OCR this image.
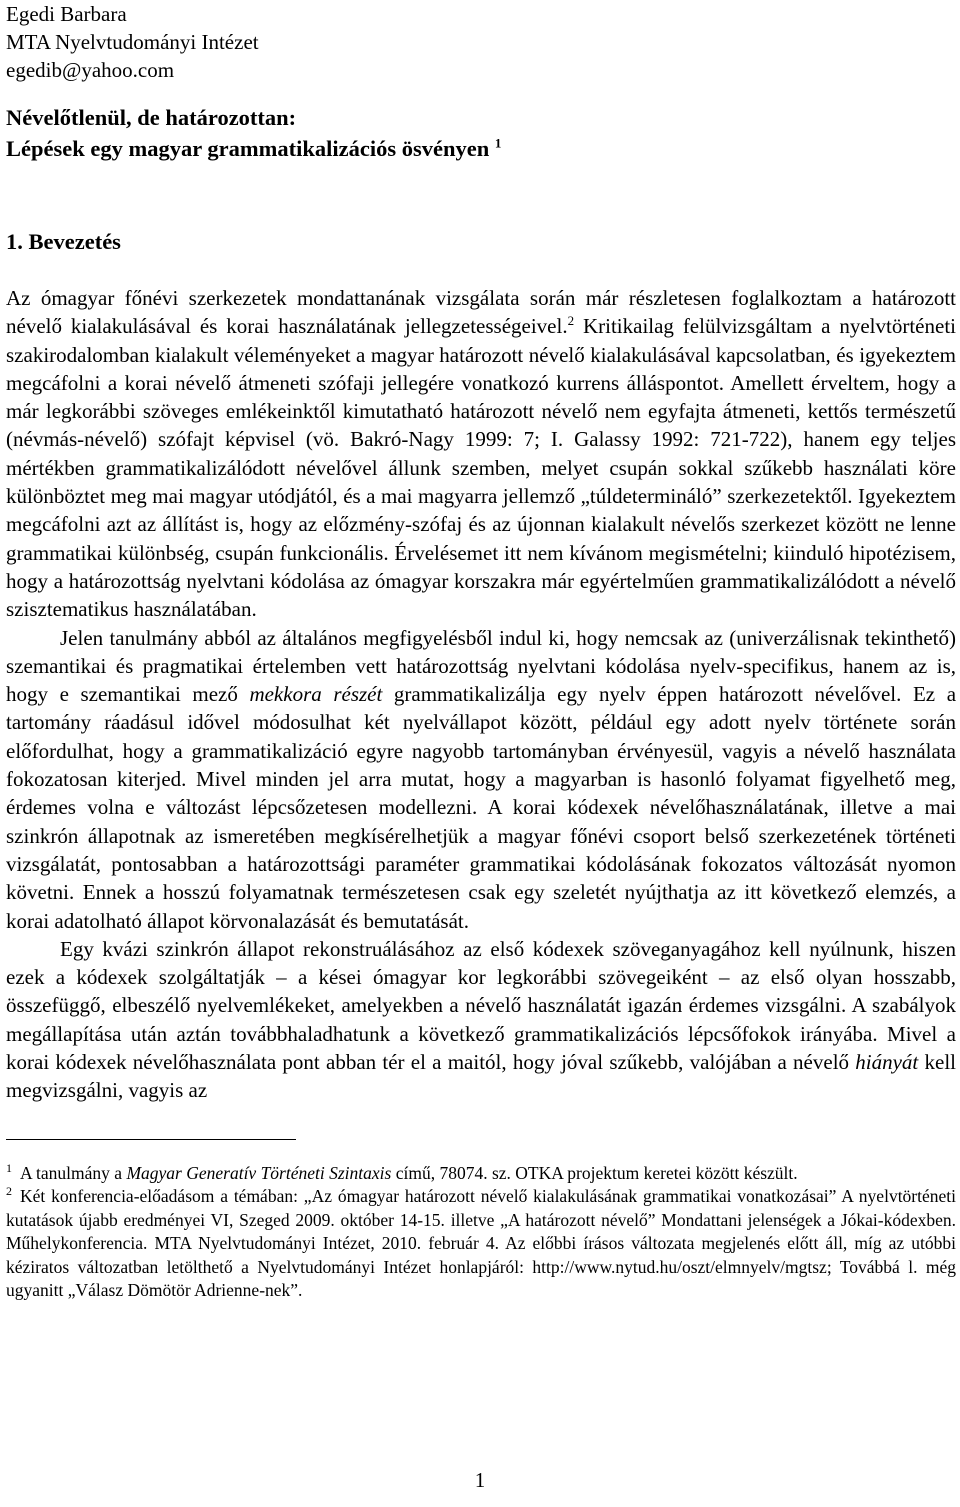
Egedi Barbara
MTA Nyelvtudományi Intézet
egedib@yahoo.com
Névelőtlenül, de határozottan:
Lépések egy magyar grammatikalizációs ösvényen $^1$
1. Bevezetés

Az ómagyar főnévi szerkezetek mondattanának vizsgálata során már részletesen foglalkoztam a határozott névelő kialakulásával és korai használatának jellegzetességeivel.$^2$ Kritikailag felülvizsgáltam a nyelvtörténeti szakirodalomban kialakult véleményeket a magyar határozott névelő kialakulásával kapcsolatban, és igyekeztem megcáfolni a korai névelő átmeneti szófaji jellegére vonatkozó kurrens álláspontot. Amellett érveltem, hogy a már legkorábbi szöveges emlékeinktől kimutatható határozott névelő nem egyfajta átmeneti, kettős természetű (névmás-névelő) szófajt képvisel (vö. Bakró-Nagy 1999: 7; I. Galassy 1992: 721-722), hanem egy teljes mértékben grammatikalizálódott névelővel állunk szemben, melyet csupán sokkal szűkebb használati köre különböztet meg mai magyar utódjától, és a mai magyarra jellemző „túldetermináló” szerkezetektől. Igyekeztem megcáfolni azt az állítást is, hogy az előzmény-szófaj és az újonnan kialakult névelős szerkezet között ne lenne grammatikai különbség, csupán funkcionális. Érvelésemet itt nem kívánom megismételni; kiinduló hipotézisem, hogy a határozottság nyelvtani kódolása az ómagyar korszakra már egyértelműen grammatikalizálódott a névelő szisztematikus használatában.

Jelen tanulmány abból az általános megfigyelésből indul ki, hogy nemcsak az (univerzálisnak tekinthető) szemantikai és pragmatikai értelemben vett határozottság nyelvtani kódolása nyelv-specifikus, hanem az is, hogy e szemantikai mező mekkora részét grammatikalizálja egy nyelv éppen határozott névelővel. Ez a tartomány ráadásul idővel módosulhat két nyelvállapot között, például egy adott nyelv története során előfordulhat, hogy a grammatikalizáció egyre nagyobb tartományban érvényesül, vagyis a névelő használata fokozatosan kiterjed. Mivel minden jel arra mutat, hogy a magyarban is hasonló folyamat figyelhető meg, érdemes volna e változást lépcsőzetesen modellezni. A korai kódexek névelőhasználatának, illetve a mai szinkrón állapotnak az ismeretében megkísérelhetjük a magyar főnévi csoport belső szerkezetének történeti vizsgálatát, pontosabban a határozottsági paraméter grammatikai kódolásának fokozatos változását nyomon követni. Ennek a hosszú folyamatnak természetesen csak egy szeletét nyújthatja az itt következő elemzés, a korai adatolható állapot körvonalazását és bemutatását.

Egy kvázi szinkrón állapot rekonstruálásához az első kódexek szöveganyagához kell nyúlnunk, hiszen ezek a kódexek szolgáltatják – a kései ómagyar kor legkorábbi szövegeiként – az első olyan hosszabb, összefüggő, elbeszélő nyelvemlékeket, amelyekben a névelő használatát igazán érdemes vizsgálni. A szabályok megállapítása után aztán továbbhaladhatunk a következő grammatikalizációs lépcsőfokok irányába. Mivel a korai kódexek névelőhasználata pont abban tér el a maitól, hogy jóval szűkebb, valójában a névelő hiányát kell megvizsgálni, vagyis az

$^1$ A tanulmány a Magyar Generatív Történeti Szintaxis című, 78074. sz. OTKA projektum keretei között készült.

$^2$ Két konferencia-előadásom a témában: „Az ómagyar határozott névelő kialakulásának grammatikai vonatkozásai” A nyelvtörténeti kutatások újabb eredményei VI, Szeged 2009. október 14-15. illetve „A határozott névelő” Mondattani jelenségek a Jókai-kódexben. Műhelykonferencia. MTA Nyelvtudományi Intézet, 2010. február 4. Az előbbi írásos változata megjelenés előtt áll, míg az utóbbi kéziratos változatban letölthető a Nyelvtudományi Intézet honlapjáról: http://www.nytud.hu/oszt/elmnyelv/mgtsz; Továbbá l. még ugyanitt „Válasz Dömötör Adrienne-nek”.

1
